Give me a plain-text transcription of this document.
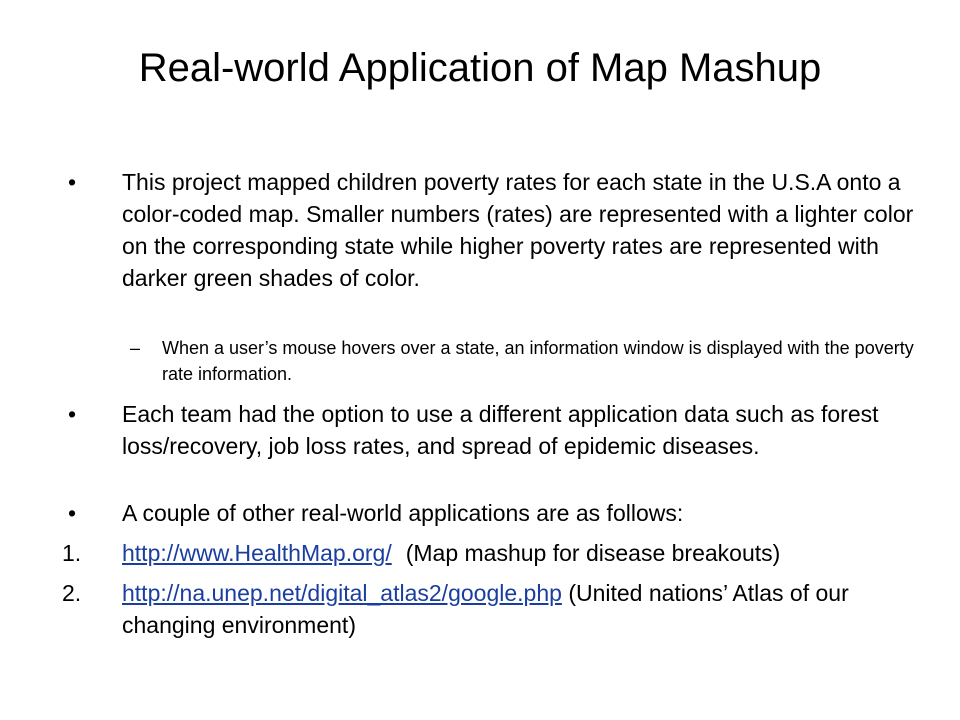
Real-world Application of Map Mashup
•	This project mapped children poverty rates for each state in the U.S.A onto a color-coded map. Smaller numbers (rates) are represented with a lighter color on the corresponding state while higher poverty rates are represented with darker green shades of color.
– When a user’s mouse hovers over a state, an information window is displayed with the poverty rate information.
•	Each team had the option to use a different application data such as forest loss/recovery, job loss rates, and spread of epidemic diseases.
•	A couple of other real-world applications are as follows:
1. http://www.HealthMap.org/ (Map mashup for disease breakouts)
2. http://na.unep.net/digital_atlas2/google.php (United nations’ Atlas of our changing environment)
